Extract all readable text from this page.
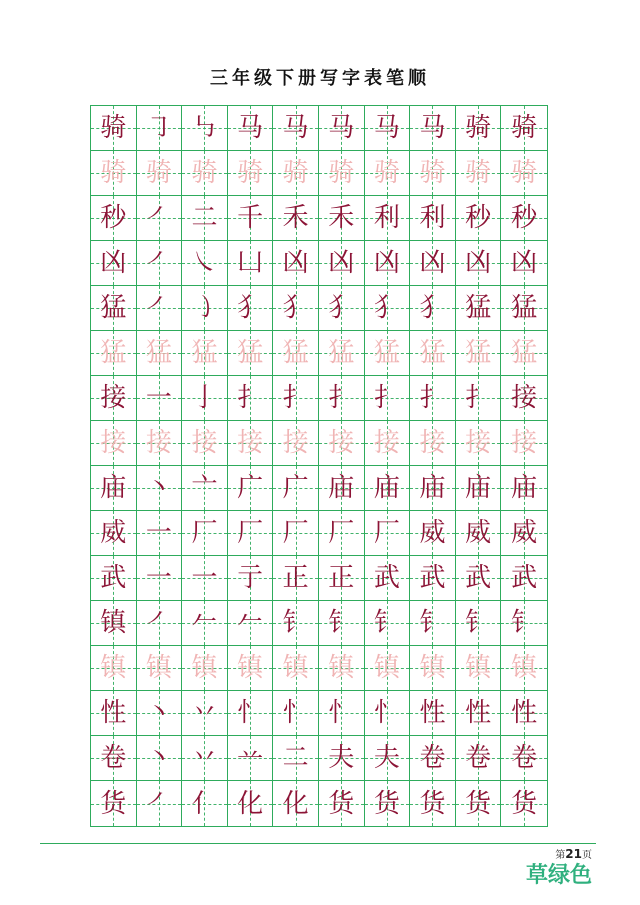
三年级下册写字表笔顺
骑 ㇆ ㇉ 马 马 马 马 马 骑 骑
骑 骑 骑 骑 骑 骑 骑 骑 骑 骑
秒 ㇒ 二 千 禾 禾 利 利 秒 秒
凶 ㇒ ㇏ 凵 凶 凶 凶 凶 凶 凶
猛 ㇒ ㇁ 犭 犭 犭 犭 犭 猛 猛
猛 猛 猛 猛 猛 猛 猛 猛 猛 猛
接 一 亅 扌 扌 扌 扌 扌 扌 接
接 接 接 接 接 接 接 接 接 接
庙 丶 亠 广 广 庙 庙 庙 庙 庙
威 一 厂 厂 厂 厂 厂 威 威 威
武 一 一 亍 正 正 武 武 武 武
镇 ㇒ 𠂉 𠂉 钅 钅 钅 钅 钅 钅
镇 镇 镇 镇 镇 镇 镇 镇 镇 镇
性 丶 丷 忄 忄 忄 忄 性 性 性
卷 丶 丷 䒑 二 夫 夫 卷 卷 卷
货 ㇒ 亻 化 化 货 货 货 货 货
第21页
草绿色
